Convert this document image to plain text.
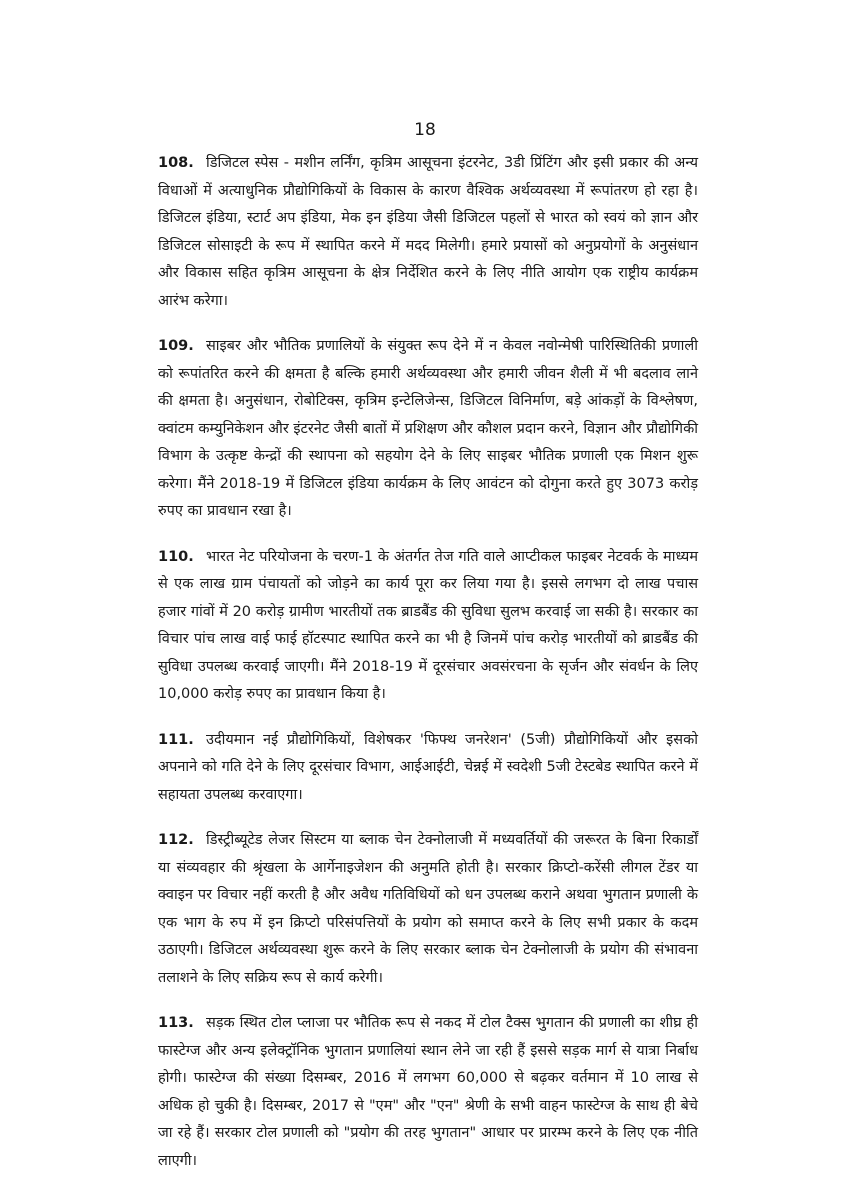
18

108. डिजिटल स्पेस - मशीन लर्निंग, कृत्रिम आसूचना इंटरनेट, 3डी प्रिंटिंग और इसी प्रकार की अन्य विधाओं में अत्याधुनिक प्रौद्योगिकियों के विकास के कारण वैश्विक अर्थव्यवस्था में रूपांतरण हो रहा है। डिजिटल इंडिया, स्टार्ट अप इंडिया, मेक इन इंडिया जैसी डिजिटल पहलों से भारत को स्वयं को ज्ञान और डिजिटल सोसाइटी के रूप में स्थापित करने में मदद मिलेगी। हमारे प्रयासों को अनुप्रयोगों के अनुसंधान और विकास सहित कृत्रिम आसूचना के क्षेत्र निर्देशित करने के लिए नीति आयोग एक राष्ट्रीय कार्यक्रम आरंभ करेगा।

109. साइबर और भौतिक प्रणालियों के संयुक्त रूप देने में न केवल नवोन्मेषी पारिस्थितिकी प्रणाली को रूपांतरित करने की क्षमता है बल्कि हमारी अर्थव्यवस्था और हमारी जीवन शैली में भी बदलाव लाने की क्षमता है। अनुसंधान, रोबोटिक्स, कृत्रिम इन्टेलिजेन्स, डिजिटल विनिर्माण, बड़े आंकड़ों के विश्लेषण, क्वांटम कम्युनिकेशन और इंटरनेट जैसी बातों में प्रशिक्षण और कौशल प्रदान करने, विज्ञान और प्रौद्योगिकी विभाग के उत्कृष्ट केन्द्रों की स्थापना को सहयोग देने के लिए साइबर भौतिक प्रणाली एक मिशन शुरू करेगा। मैंने 2018-19 में डिजिटल इंडिया कार्यक्रम के लिए आवंटन को दोगुना करते हुए 3073 करोड़ रुपए का प्रावधान रखा है।

110. भारत नेट परियोजना के चरण-1 के अंतर्गत तेज गति वाले आप्टीकल फाइबर नेटवर्क के माध्यम से एक लाख ग्राम पंचायतों को जोड़ने का कार्य पूरा कर लिया गया है। इससे लगभग दो लाख पचास हजार गांवों में 20 करोड़ ग्रामीण भारतीयों तक ब्राडबैंड की सुविधा सुलभ करवाई जा सकी है। सरकार का विचार पांच लाख वाई फाई हॉटस्पाट स्थापित करने का भी है जिनमें पांच करोड़ भारतीयों को ब्राडबैंड की सुविधा उपलब्ध करवाई जाएगी। मैंने 2018-19 में दूरसंचार अवसंरचना के सृर्जन और संवर्धन के लिए 10,000 करोड़ रुपए का प्रावधान किया है।

111. उदीयमान नई प्रौद्योगिकियों, विशेषकर 'फिफ्थ जनरेशन' (5जी) प्रौद्योगिकियों और इसको अपनाने को गति देने के लिए दूरसंचार विभाग, आईआईटी, चेन्नई में स्वदेशी 5जी टेस्टबेड स्थापित करने में सहायता उपलब्ध करवाएगा।

112. डिस्ट्रीब्यूटेड लेजर सिस्टम या ब्लाक चेन टेक्नोलाजी में मध्यवर्तियों की जरूरत के बिना रिकार्डों या संव्यवहार की श्रृंखला के आर्गेनाइजेशन की अनुमति होती है। सरकार क्रिप्टो-करेंसी लीगल टेंडर या क्वाइन पर विचार नहीं करती है और अवैध गतिविधियों को धन उपलब्ध कराने अथवा भुगतान प्रणाली के एक भाग के रुप में इन क्रिप्टो परिसंपत्तियों के प्रयोग को समाप्त करने के लिए सभी प्रकार के कदम उठाएगी। डिजिटल अर्थव्यवस्था शुरू करने के लिए सरकार ब्लाक चेन टेक्नोलाजी के प्रयोग की संभावना तलाशने के लिए सक्रिय रूप से कार्य करेगी।

113. सड़क स्थित टोल प्लाजा पर भौतिक रूप से नकद में टोल टैक्स भुगतान की प्रणाली का शीघ्र ही फास्टेग्ज और अन्य इलेक्ट्रॉनिक भुगतान प्रणालियां स्थान लेने जा रही हैं इससे सड़क मार्ग से यात्रा निर्बाध होगी। फास्टेग्ज की संख्या दिसम्बर, 2016 में लगभग 60,000 से बढ़कर वर्तमान में 10 लाख से अधिक हो चुकी है। दिसम्बर, 2017 से "एम" और "एन" श्रेणी के सभी वाहन फास्टेग्ज के साथ ही बेचे जा रहे हैं। सरकार टोल प्रणाली को "प्रयोग की तरह भुगतान" आधार पर प्रारम्भ करने के लिए एक नीति लाएगी।
